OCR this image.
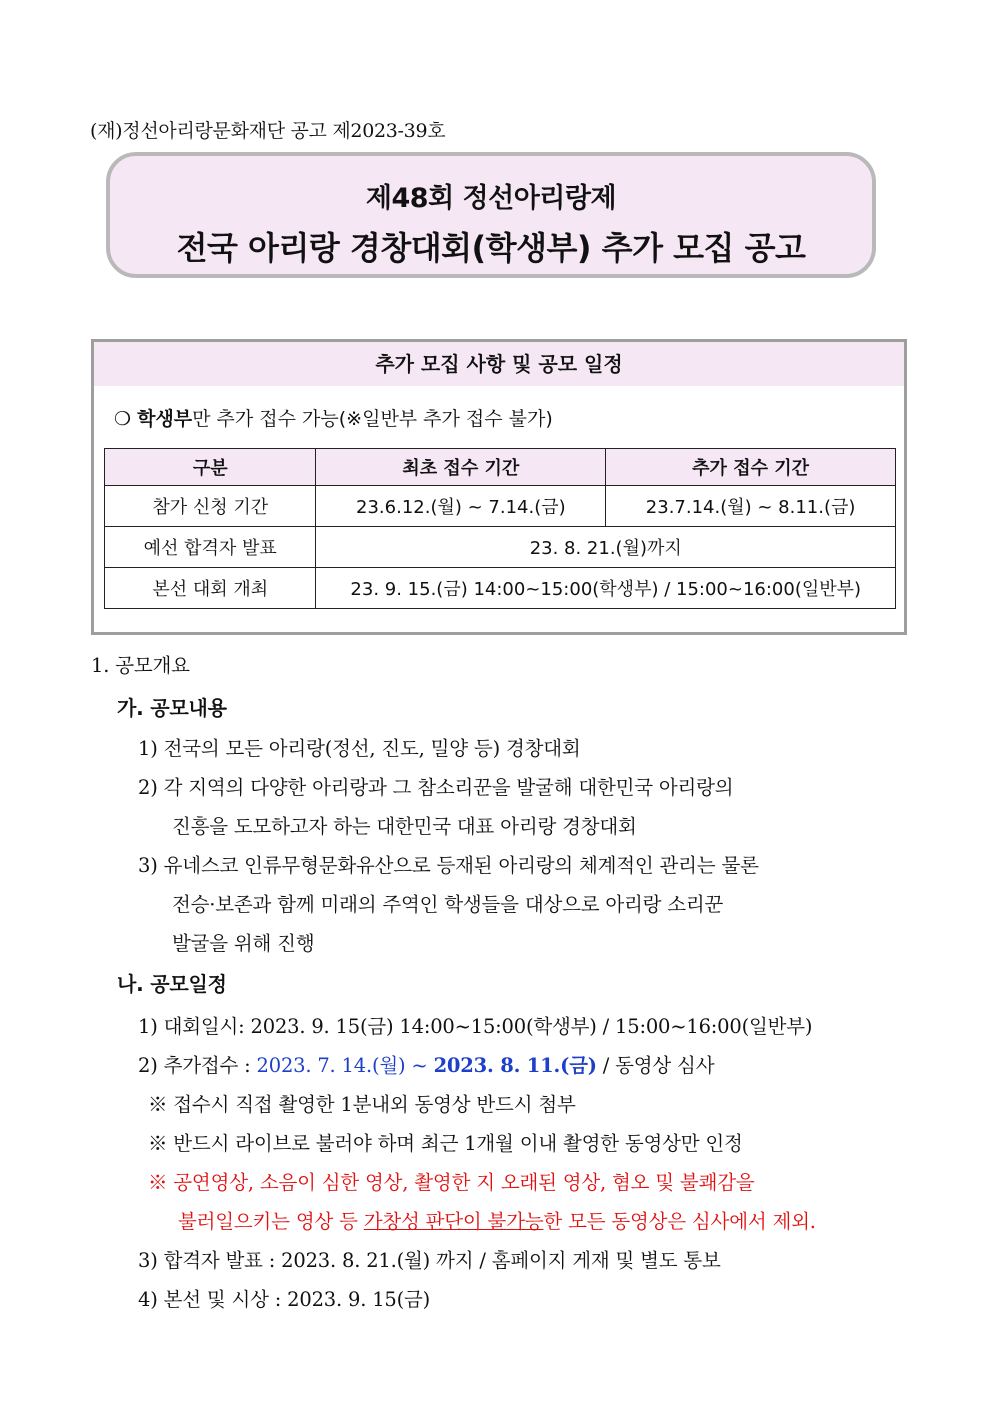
(재)정선아리랑문화재단 공고 제2023-39호
제48회 정선아리랑제
전국 아리랑 경창대회(학생부) 추가 모집 공고
추가 모집 사항 및 공모 일정
❍ 학생부만 추가 접수 가능(※일반부 추가 접수 불가)
구분	최초 접수 기간	추가 접수 기간
참가 신청 기간	23.6.12.(월) ~ 7.14.(금)	23.7.14.(월) ~ 8.11.(금)
예선 합격자 발표	23. 8. 21.(월)까지	
본선 대회 개최	23. 9. 15.(금) 14:00~15:00(학생부) / 15:00~16:00(일반부)	
1. 공모개요
가. 공모내용
1) 전국의 모든 아리랑(정선, 진도, 밀양 등) 경창대회
2) 각 지역의 다양한 아리랑과 그 참소리꾼을 발굴해 대한민국 아리랑의
진흥을 도모하고자 하는 대한민국 대표 아리랑 경창대회
3) 유네스코 인류무형문화유산으로 등재된 아리랑의 체계적인 관리는 물론
전승·보존과 함께 미래의 주역인 학생들을 대상으로 아리랑 소리꾼
발굴을 위해 진행
나. 공모일정
1) 대회일시: 2023. 9. 15(금) 14:00~15:00(학생부) / 15:00~16:00(일반부)
2) 추가접수 : 2023. 7. 14.(월) ~ 2023. 8. 11.(금) / 동영상 심사
※ 접수시 직접 촬영한 1분내외 동영상 반드시 첨부
※ 반드시 라이브로 불러야 하며 최근 1개월 이내 촬영한 동영상만 인정
※ 공연영상, 소음이 심한 영상, 촬영한 지 오래된 영상, 혐오 및 불쾌감을
불러일으키는 영상 등 가창성 판단이 불가능한 모든 동영상은 심사에서 제외.
3) 합격자 발표 : 2023. 8. 21.(월) 까지 / 홈페이지 게재 및 별도 통보
4) 본선 및 시상 : 2023. 9. 15(금)
